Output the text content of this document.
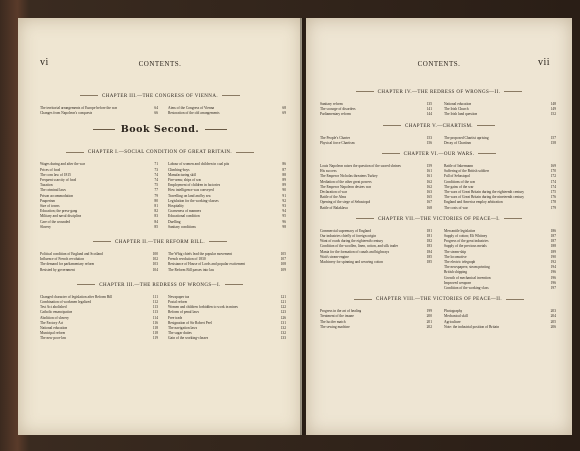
vi	CONTENTS.
CHAPTER III.—THE CONGRESS OF VIENNA.
The territorial arrangements of Europe before the war	64
Changes from Napoleon's conquests	66
Aims of the Congress of Vienna	68
Restoration of the old arrangements	69
Book Second.
CHAPTER I.—SOCIAL CONDITION OF GREAT BRITAIN.
Wages during and after the war	71
Prices of food	73
The corn law of 1815	74
Frequent scarcity of food	74
Taxation	75
The criminal laws	77
Prison accommodation	79
Pauperism	80
Size of towns	81
Education; the press-gang	82
Military and naval discipline	83
Care of the wounded	84
Slavery	85
Labour of women and children in coal pits	86
Climbing-boys	87
Manufacturing skill	88
Fire-arms; ships of war	89
Employment of children in factories	89
How intelligence was conveyed	90
Travelling on land and by sea	91
Legislation for the working-classes	92
Hospitality	93
Coarseness of manners	94
Educational condition	95
Duelling	96
Sanitary conditions	98
CHAPTER II.—THE REFORM BILL.
Political condition of England and Scotland	100
Influence of French revolution	102
The demand for parliamentary reform	103
Resisted by government	104
The Whig chiefs lead the popular movement	105
French revolution of 1830	107
Resistance of House of Lords and popular excitement	108
The Reform Bill passes into law	109
CHAPTER III.—THE REDRESS OF WRONGS—I.
Changed character of legislation after Reform Bill	111
Combination of workmen legalized	112
Test Act abolished	113
Catholic emancipation	113
Abolition of slavery	114
The Factory Act	116
National education	118
Municipal reform	118
The new poor-law	119
Newspaper tax	121
Postal reform	121
Women and children forbidden to work in mines	122
Reform of penal laws	123
Free trade	126
Resignation of Sir Robert Peel	131
The navigation laws	132
The sugar duties	132
Gain of the working-classes	133
CONTENTS.	vii
CHAPTER IV.—THE REDRESS OF WRONGS—II.
Sanitary reform	135
The scourge of disorders	141
Parliamentary reform	144
National education	148
The Irish Church	149
The Irish land question	152
CHAPTER V.—CHARTISM.
The People's Charter	153
Physical force Chartism	156
The proposed Chartist uprising	157
Decay of Chartism	158
CHAPTER VI.—OUR WARS.
Louis Napoleon raises the question of the sacred shrines	159
His success	161
The Emperor Nicholas threatens Turkey	161
Mediation of the other great powers	162
The Emperor Napoleon desires war	162
Declaration of war	163
Battle of the Alma	165
Opening of the siege of Sebastopol	167
Battle of Balaklava	168
Battle of Inkermann	169
Suffering of the British soldiers	170
Fall of Sebastopol	172
Conditions of the war	174
The gains of the war	174
The wars of Great Britain during the eighteenth century	175
The wars of Great Britain during the nineteenth century	176
England and America employ arbitration	178
The costs of war	179
CHAPTER VII.—THE VICTORIES OF PEACE—I.
Commercial supremacy of England	181
Our industries chiefly of foreign origin	181
Want of roads during the eighteenth century	182
Condition of the woollen, linen, cotton, and silk trades	183
Mania for the formation of canals and highways	184
Watt's steam-engine	185
Machinery for spinning and weaving cotton	185
Mercantile legislation	186
Supply of cotton; Eli Whitney	187
Progress of the great industries	187
Supply of the precious metals	188
The steam-ship	189
The locomotive	190
The electric telegraph	192
The newspapers; steam printing	194
British shipping	196
Growth of mechanical invention	196
Improved weapons	196
Condition of the working-class	197
CHAPTER VIII.—THE VICTORIES OF PEACE—II.
Progress in the art of healing	199
Treatment of the insane	200
The lucifer match	201
The sewing machine	202
Photography	203
Mechanical skill	204
Agriculture	205
Note: the industrial position of Britain	206
